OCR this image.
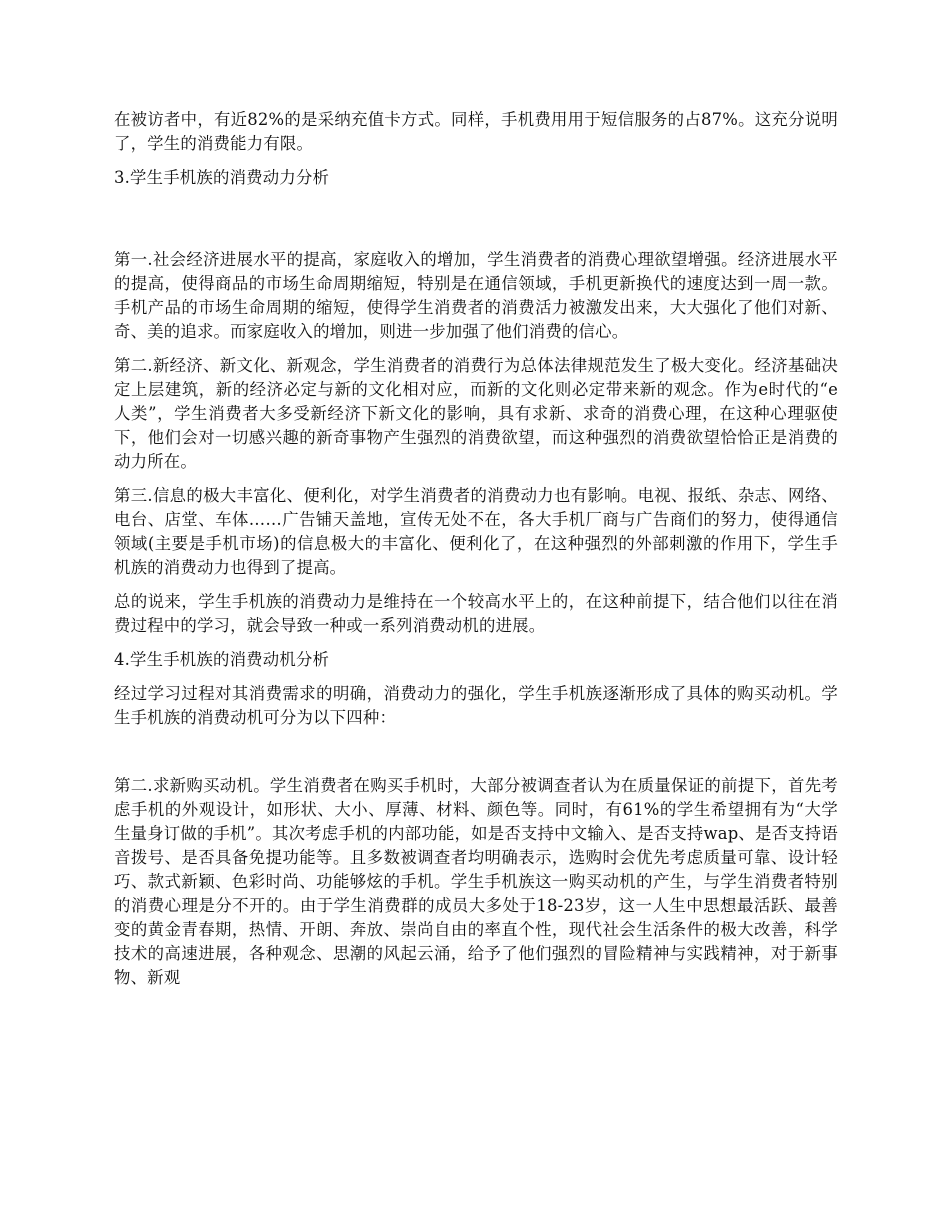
在被访者中，有近82%的是采纳充值卡方式。同样，手机费用用于短信服务的占87%。这充分说明了，学生的消费能力有限。

3.学生手机族的消费动力分析

第一.社会经济进展水平的提高，家庭收入的增加，学生消费者的消费心理欲望增强。经济进展水平的提高，使得商品的市场生命周期缩短，特别是在通信领域，手机更新换代的速度达到一周一款。手机产品的市场生命周期的缩短，使得学生消费者的消费活力被激发出来，大大强化了他们对新、奇、美的追求。而家庭收入的增加，则进一步加强了他们消费的信心。

第二.新经济、新文化、新观念，学生消费者的消费行为总体法律规范发生了极大变化。经济基础决定上层建筑，新的经济必定与新的文化相对应，而新的文化则必定带来新的观念。作为e时代的“e人类”，学生消费者大多受新经济下新文化的影响，具有求新、求奇的消费心理，在这种心理驱使下，他们会对一切感兴趣的新奇事物产生强烈的消费欲望，而这种强烈的消费欲望恰恰正是消费的动力所在。

第三.信息的极大丰富化、便利化，对学生消费者的消费动力也有影响。电视、报纸、杂志、网络、电台、店堂、车体……广告铺天盖地，宣传无处不在，各大手机厂商与广告商们的努力，使得通信领域(主要是手机市场)的信息极大的丰富化、便利化了，在这种强烈的外部刺激的作用下，学生手机族的消费动力也得到了提高。

总的说来，学生手机族的消费动力是维持在一个较高水平上的，在这种前提下，结合他们以往在消费过程中的学习，就会导致一种或一系列消费动机的进展。

4.学生手机族的消费动机分析

经过学习过程对其消费需求的明确，消费动力的强化，学生手机族逐渐形成了具体的购买动机。学生手机族的消费动机可分为以下四种：

第二.求新购买动机。学生消费者在购买手机时，大部分被调查者认为在质量保证的前提下，首先考虑手机的外观设计，如形状、大小、厚薄、材料、颜色等。同时，有61%的学生希望拥有为“大学生量身订做的手机”。其次考虑手机的内部功能，如是否支持中文输入、是否支持wap、是否支持语音拨号、是否具备免提功能等。且多数被调查者均明确表示，选购时会优先考虑质量可靠、设计轻巧、款式新颖、色彩时尚、功能够炫的手机。学生手机族这一购买动机的产生，与学生消费者特别的消费心理是分不开的。由于学生消费群的成员大多处于18-23岁，这一人生中思想最活跃、最善变的黄金青春期，热情、开朗、奔放、崇尚自由的率直个性，现代社会生活条件的极大改善，科学技术的高速进展，各种观念、思潮的风起云涌，给予了他们强烈的冒险精神与实践精神，对于新事物、新观
